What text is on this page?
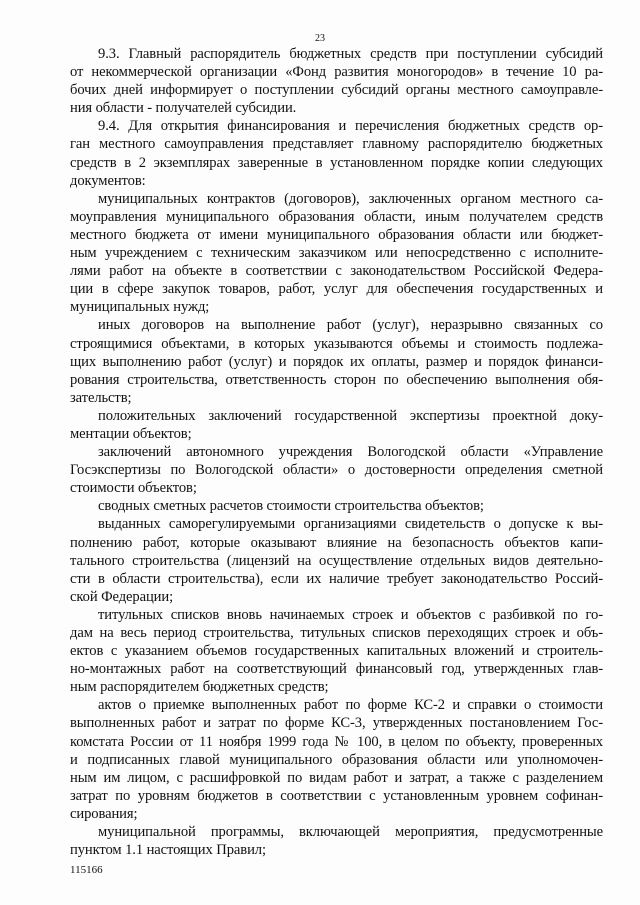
23
9.3. Главный распорядитель бюджетных средств при поступлении субсидий
от некоммерческой организации «Фонд развития моногородов» в течение 10 ра-
бочих дней информирует о поступлении субсидий органы местного самоуправле-
ния области - получателей субсидии.
9.4. Для открытия финансирования и перечисления бюджетных средств ор-
ган местного самоуправления представляет главному распорядителю бюджетных
средств в 2 экземплярах заверенные в установленном порядке копии следующих
документов:
муниципальных контрактов (договоров), заключенных органом местного са-
моуправления муниципального образования области, иным получателем средств
местного бюджета от имени муниципального образования области или бюджет-
ным учреждением с техническим заказчиком или непосредственно с исполните-
лями работ на объекте в соответствии с законодательством Российской Федера-
ции в сфере закупок товаров, работ, услуг для обеспечения государственных и
муниципальных нужд;
иных договоров на выполнение работ (услуг), неразрывно связанных со
строящимися объектами, в которых указываются объемы и стоимость подлежа-
щих выполнению работ (услуг) и порядок их оплаты, размер и порядок финанси-
рования строительства, ответственность сторон по обеспечению выполнения обя-
зательств;
положительных заключений государственной экспертизы проектной доку-
ментации объектов;
заключений автономного учреждения Вологодской области «Управление
Госэкспертизы по Вологодской области» о достоверности определения сметной
стоимости объектов;
сводных сметных расчетов стоимости строительства объектов;
выданных саморегулируемыми организациями свидетельств о допуске к вы-
полнению работ, которые оказывают влияние на безопасность объектов капи-
тального строительства (лицензий на осуществление отдельных видов деятельно-
сти в области строительства), если их наличие требует законодательство Россий-
ской Федерации;
титульных списков вновь начинаемых строек и объектов с разбивкой по го-
дам на весь период строительства, титульных списков переходящих строек и объ-
ектов с указанием объемов государственных капитальных вложений и строитель-
но-монтажных работ на соответствующий финансовый год, утвержденных глав-
ным распорядителем бюджетных средств;
актов о приемке выполненных работ по форме КС-2 и справки о стоимости
выполненных работ и затрат по форме КС-3, утвержденных постановлением Гос-
комстата России от 11 ноября 1999 года № 100, в целом по объекту, проверенных
и подписанных главой муниципального образования области или уполномочен-
ным им лицом, с расшифровкой по видам работ и затрат, а также с разделением
затрат по уровням бюджетов в соответствии с установленным уровнем софинан-
сирования;
муниципальной программы, включающей мероприятия, предусмотренные
пунктом 1.1 настоящих Правил;
115166
